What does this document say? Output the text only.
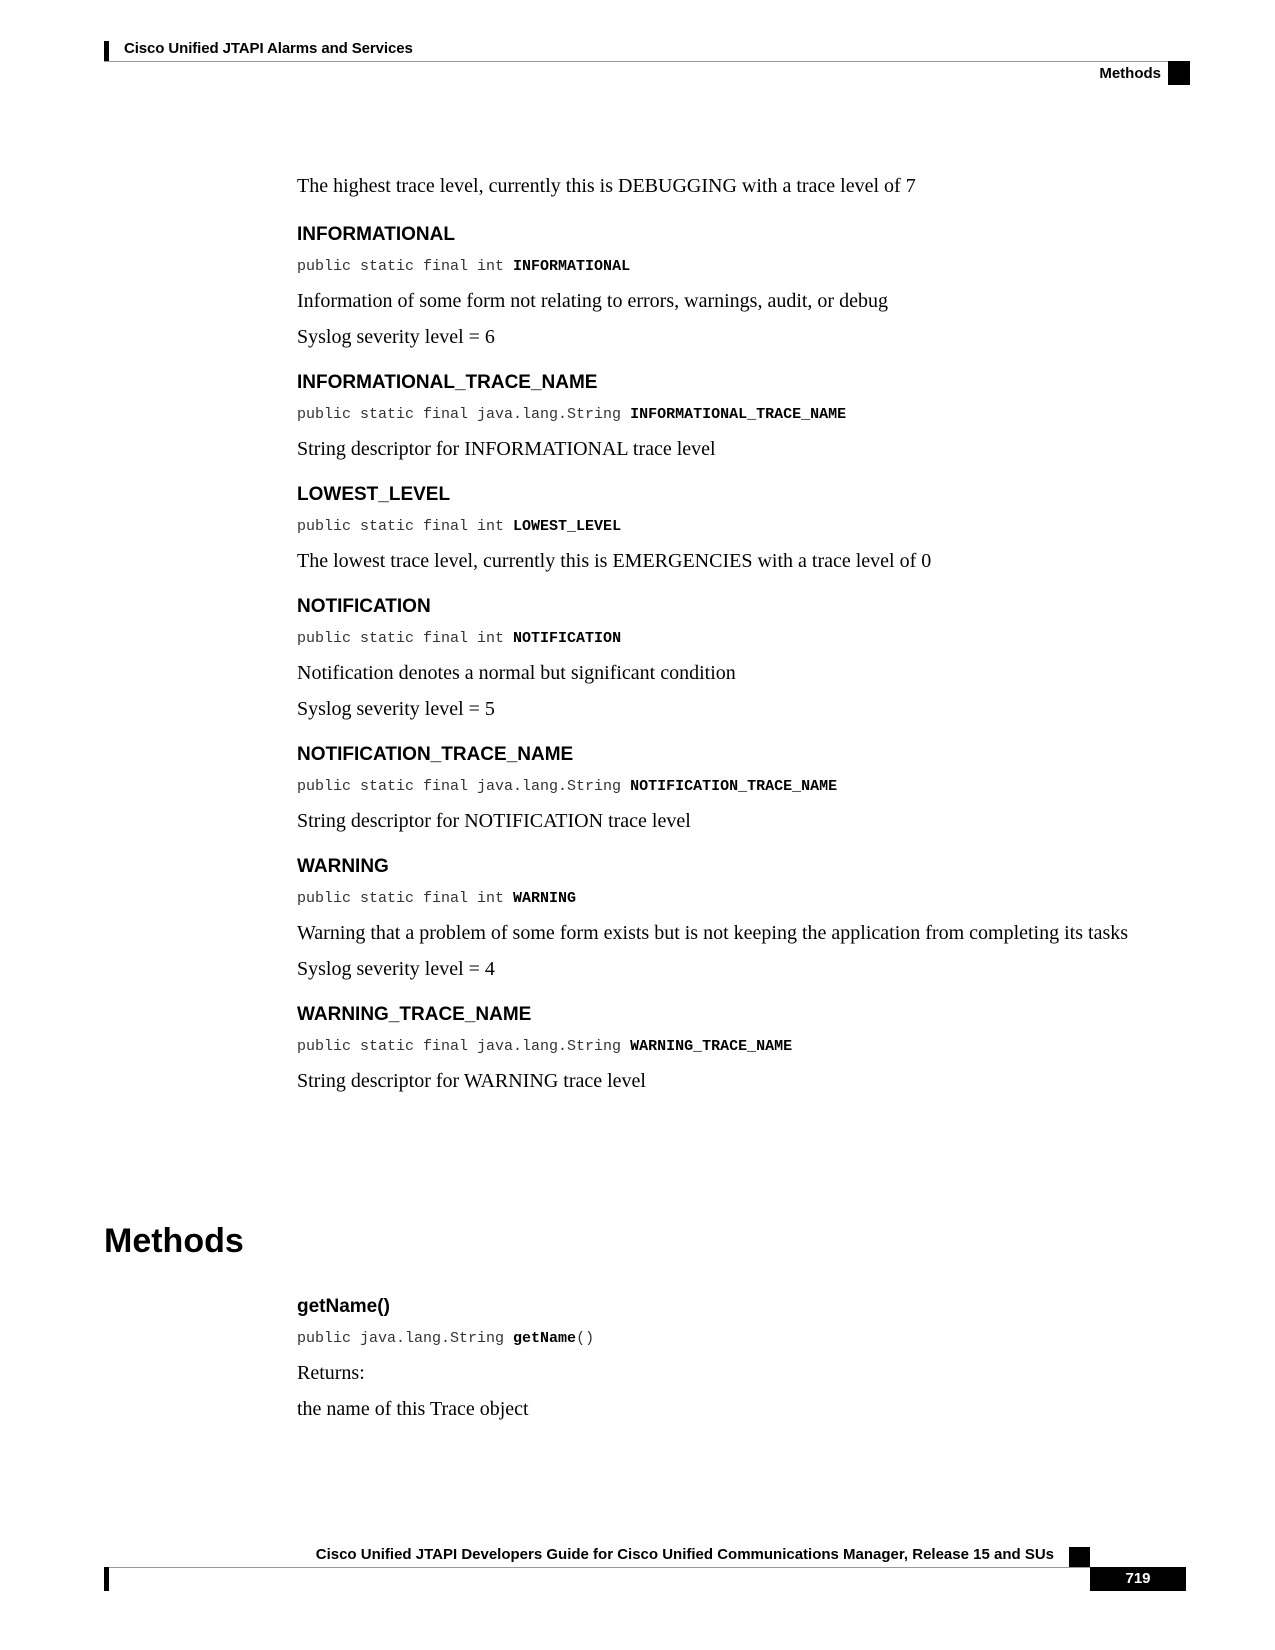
Cisco Unified JTAPI Alarms and Services
Methods

The highest trace level, currently this is DEBUGGING with a trace level of 7

INFORMATIONAL
public static final int INFORMATIONAL

Information of some form not relating to errors, warnings, audit, or debug

Syslog severity level = 6

INFORMATIONAL_TRACE_NAME
public static final java.lang.String INFORMATIONAL_TRACE_NAME

String descriptor for INFORMATIONAL trace level

LOWEST_LEVEL
public static final int LOWEST_LEVEL

The lowest trace level, currently this is EMERGENCIES with a trace level of 0

NOTIFICATION
public static final int NOTIFICATION

Notification denotes a normal but significant condition

Syslog severity level = 5

NOTIFICATION_TRACE_NAME
public static final java.lang.String NOTIFICATION_TRACE_NAME

String descriptor for NOTIFICATION trace level

WARNING
public static final int WARNING

Warning that a problem of some form exists but is not keeping the application from completing its tasks

Syslog severity level = 4

WARNING_TRACE_NAME
public static final java.lang.String WARNING_TRACE_NAME

String descriptor for WARNING trace level

Methods
getName()
public java.lang.String getName()

Returns:

the name of this Trace object

Cisco Unified JTAPI Developers Guide for Cisco Unified Communications Manager, Release 15 and SUs
719
